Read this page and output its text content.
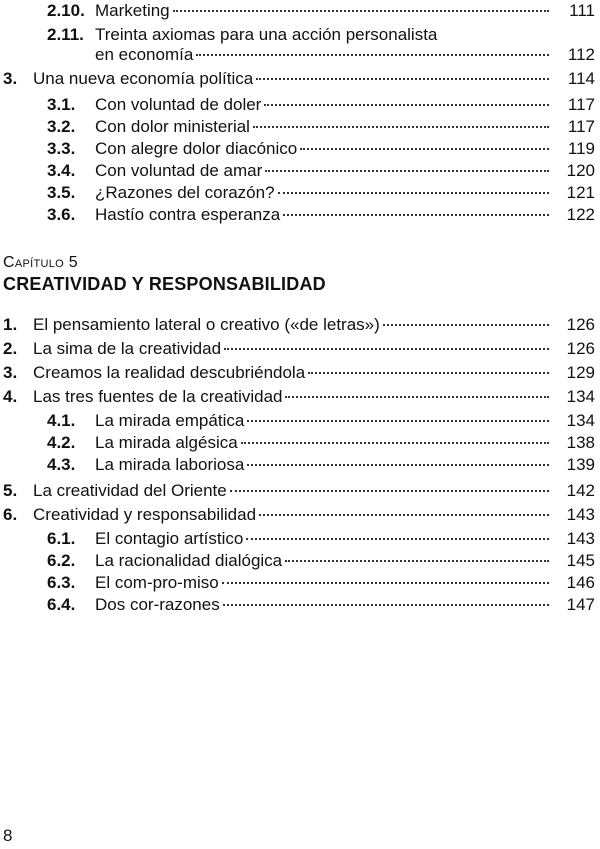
2.10. Marketing	111
2.11. Treinta axiomas para una acción personalista
en economía	112
3. Una nueva economía política	114
3.1.	Con voluntad de doler	117
3.2.	Con dolor ministerial	117
3.3.	Con alegre dolor diacónico	119
3.4.	Con voluntad de amar	120
3.5.	¿Razones del corazón?	121
3.6.	Hastío contra esperanza	122
Capítulo 5
CREATIVIDAD Y RESPONSABILIDAD
1. El pensamiento lateral o creativo («de letras»)	126
2. La sima de la creatividad	126
3. Creamos la realidad descubriéndola	129
4. Las tres fuentes de la creatividad	134
4.1.	La mirada empática	134
4.2.	La mirada algésica	138
4.3.	La mirada laboriosa	139
5. La creatividad del Oriente	142
6. Creatividad y responsabilidad	143
6.1.	El contagio artístico	143
6.2.	La racionalidad dialógica	145
6.3.	El com-pro-miso	146
6.4.	Dos cor-razones	147
8
